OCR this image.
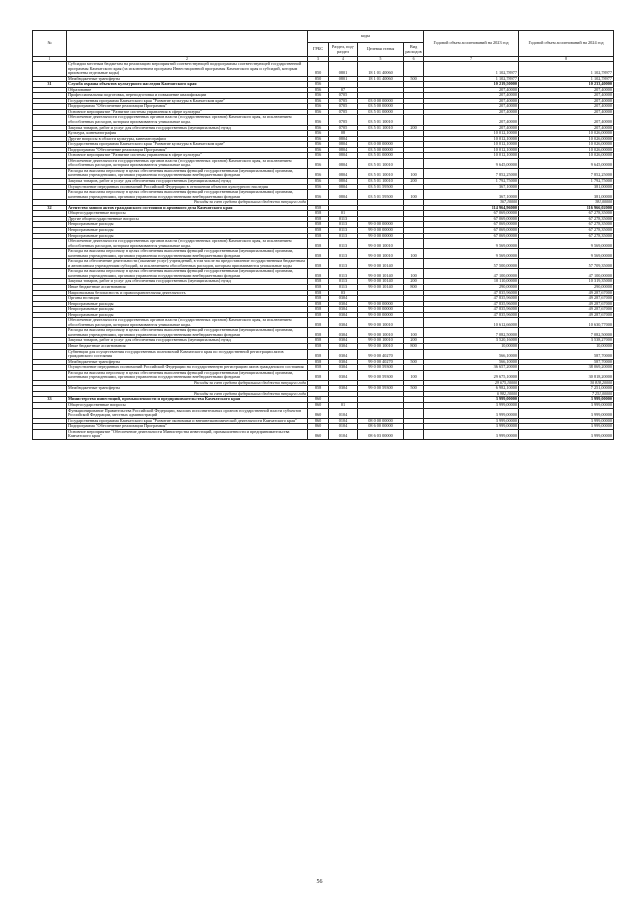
№		коды				Годовой объем ассигнований на 2023 год	Годовой объем ассигнований на 2024 год
		ГРБС	Раздел, под-раздел	Целевая статья	Вид расходов		
1	2	3	4	5	6	7	8
	Субсидии местным бюджетам на реализацию мероприятий соответствующей подпрограммы соответствующей государственной программы Камчатского края (за исключением программ Инвестиционной программы Камчатского края и субсидий, которым присвоены отдельные коды)	850	0801	18 1 01 40060		1 102,78977	1 102,78977
	Межбюджетные трансферты	850	0801	18 1 01 40060	500	1 102,78977	1 102,78977
31	Служба охраны объектов культурного наследия Камчатского края	856				10 219,50000	10 233,40000
	Образование	856	07			207,40000	207,40000
	Профессиональная подготовка, переподготовка и повышение квалификации	856	0705			207,40000	207,40000
	Государственная программа Камчатского края "Развитие культуры в Камчатском крае"	856	0705	03 0 00 00000		207,40000	207,40000
	Подпрограмма "Обеспечение реализации Программы"	856	0705	03 5 00 00000		207,40000	207,40000
	Основное мероприятие "Развитие системы управления в сфере культуры"	856	0705	03 5 01 00000		207,40000	207,40000
	Обеспечение деятельности государственных органов власти (государственных органов) Камчатского края, за исключением обособленных расходов, которым присваиваются уникальные коды.	856	0705	03 5 01 10010		207,40000	207,40000
	Закупка товаров, работ и услуг для обеспечения государственных (муниципальных) нужд	856	0705	03 5 01 10010	200	207,40000	207,40000
	Культура, кинематография	856	08			10 012,10000	10 026,00000
	Другие вопросы в области культуры, кинематографии	856	0804			10 012,10000	10 026,00000
	Государственная программа Камчатского края "Развитие культуры в Камчатском крае"	856	0804	03 0 00 00000		10 012,10000	10 026,00000
	Подпрограмма "Обеспечение реализации Программы"	856	0804	03 5 00 00000		10 012,10000	10 026,00000
	Основное мероприятие "Развитие системы управления в сфере культуры"	856	0804	03 5 01 00000		10 012,10000	10 026,00000
	Обеспечение деятельности государственных органов власти (государственных органов) Камчатского края, за исключением обособленных расходов, которым присваиваются уникальные коды.	856	0804	03 5 01 10010		9 645,00000	9 645,00000
	Расходы на выплаты персоналу в целях обеспечения выполнения функций государственными (муниципальными) органами, казенными учреждениями, органами управления государственными внебюджетными фондами	856	0804	03 5 01 10010	100	7 852,25000	7 852,25000
	Закупка товаров, работ и услуг для обеспечения государственных (муниципальных) нужд	856	0804	03 5 01 10010	200	1 792,75000	1 792,75000
	Осуществление переданных полномочий Российской Федерации в отношении объектов культурного наследия	856	0804	03 5 01 59500		367,10000	381,00000
	Расходы на выплаты персоналу в целях обеспечения выполнения функций государственными (муниципальными) органами, казенными учреждениями, органами управления государственными внебюджетными фондами	856	0804	03 5 01 59500	100	367,10000	381,00000
	Расходы за счет средств федерального бюджета текущего года					367,10000	381,00000
32	Агентство записи актов гражданского состояния и архивного дела Камчатского края	858				114 964,96000	116 966,02000
	Общегосударственные вопросы	858	01			67 069,00000	67 278,35000
	Другие общегосударственные вопросы	858	0113			67 069,00000	67 278,35000
	Непрограммные расходы	858	0113	99 0 00 00000		67 069,00000	67 278,35000
	Непрограммные расходы	858	0113	99 0 00 00000		67 069,00000	67 278,35000
	Непрограммные расходы	858	0113	99 0 00 00000		67 069,00000	67 278,35000
	Обеспечение деятельности государственных органов власти (государственных органов) Камчатского края, за исключением обособленных расходов, которым присваиваются уникальные коды.	858	0113	99 0 00 10010		9 569,00000	9 569,00000
	Расходы на выплаты персоналу в целях обеспечения выполнения функций государственными (муниципальными) органами, казенными учреждениями, органами управления государственными внебюджетными фондами	858	0113	99 0 00 10010	100	9 569,00000	9 569,00000
	Расходы на обеспечение деятельности (оказание услуг) учреждений, в том числе на предоставление государственным бюджетным и автономным учреждениям субсидий, за исключением обособленных расходов, которым присваиваются уникальные коды	858	0113	99 0 00 10140		57 500,00000	57 709,35000
	Расходы на выплаты персоналу в целях обеспечения выполнения функций государственными (муниципальными) органами, казенными учреждениями, органами управления государственными внебюджетными фондами	858	0113	99 0 00 10140	100	47 100,00000	47 100,00000
	Закупка товаров, работ и услуг для обеспечения государственных (муниципальных) нужд	858	0113	99 0 00 10140	200	10 110,00000	10 319,35000
	Иные бюджетные ассигнования	858	0113	99 0 00 10140	800	290,00000	290,00000
	Национальная безопасность и правоохранительная деятельность	858	03			47 835,96000	49 287,67000
	Органы юстиции	858	0304			47 835,96000	49 287,67000
	Непрограммные расходы	858	0304	99 0 00 00000		47 835,96000	49 287,67000
	Непрограммные расходы	858	0304	99 0 00 00000		47 835,96000	49 287,67000
	Непрограммные расходы	858	0304	99 0 00 00000		47 835,96000	49 287,67000
	Обеспечение деятельности государственных органов власти (государственных органов) Камчатского края, за исключением обособленных расходов, которым присваиваются уникальные коды.	858	0304	99 0 00 10010		10 612,66000	10 630,77000
	Расходы на выплаты персоналу в целях обеспечения выполнения функций государственными (муниципальными) органами, казенными учреждениями, органами управления государственными внебюджетными фондами	858	0304	99 0 00 10010	100	7 082,50000	7 082,50000
	Закупка товаров, работ и услуг для обеспечения государственных (муниципальных) нужд	858	0304	99 0 00 10010	200	3 520,16000	3 538,27000
	Иные бюджетные ассигнования	858	0304	99 0 00 10010	800	10,00000	10,00000
	Субвенции для осуществления государственных полномочий Камчатского края по государственной регистрации актов гражданского состояния	858	0304	99 0 00 40270		566,10000	587,70000
	Межбюджетные трансферты	858	0304	99 0 00 40270	500	566,10000	587,70000
	Осуществление переданных полномочий Российской Федерации на государственную регистрацию актов гражданского состояния	858	0304	99 0 00 59300		36 657,20000	38 069,20000
	Расходы на выплаты персоналу в целях обеспечения выполнения функций государственными (муниципальными) органами, казенными учреждениями, органами управления государственными внебюджетными фондами	858	0304	99 0 00 59300	100	29 675,10000	30 818,20000
	Расходы за счет средств федерального бюджета текущего года					29 675,10000	30 818,20000
	Межбюджетные трансферты	858	0304	99 0 00 59300	500	6 982,10000	7 251,00000
	Расходы за счет средств федерального бюджета текущего года					6 982,10000	7 251,00000
33	Министерство инвестиций, промышленности и предпринимательства Камчатского края	860				3 999,00000	3 999,00000
	Общегосударственные вопросы	860	01			3 999,00000	3 999,00000
	Функционирование Правительства Российской Федерации, высших исполнительных органов государственной власти субъектов Российской Федерации, местных администраций	860	0104			3 999,00000	3 999,00000
	Государственная программа Камчатского края "Развитие экономики и внешнеэкономической деятельности Камчатского края"	860	0104	08 0 00 00000		3 999,00000	3 999,00000
	Подпрограмма "Обеспечение реализации Программы"	860	0104	08 6 00 00000		3 999,00000	3 999,00000
	Основное мероприятие "Обеспечение деятельности Министерства инвестиций, промышленности и предпринимательства Камчатского края"	860	0104	08 6 03 00000		3 999,00000	3 999,00000
56
